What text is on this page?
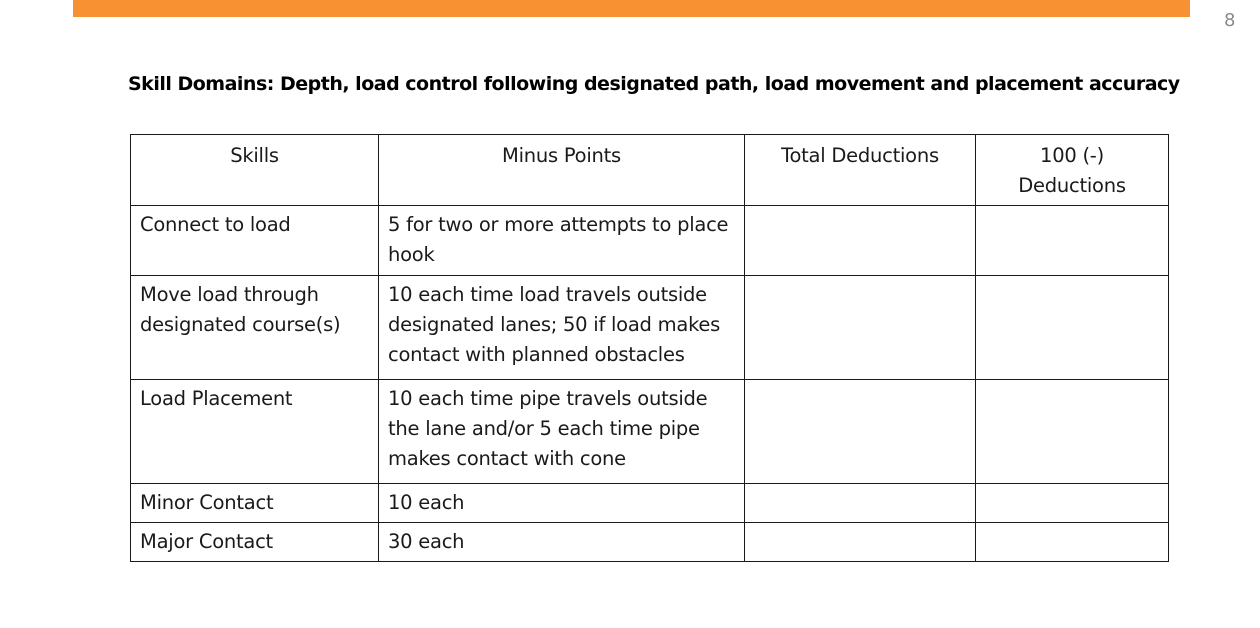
8
Skill Domains: Depth, load control following designated path, load movement and placement accuracy
Skills	Minus Points	Total Deductions	100 (-) Deductions
Connect to load	5 for two or more attempts to place hook		
Move load through designated course(s)	10 each time load travels outside designated lanes; 50 if load makes contact with planned obstacles		
Load Placement	10 each time pipe travels outside the lane and/or 5 each time pipe makes contact with cone		
Minor Contact	10 each		
Major Contact	30 each		
